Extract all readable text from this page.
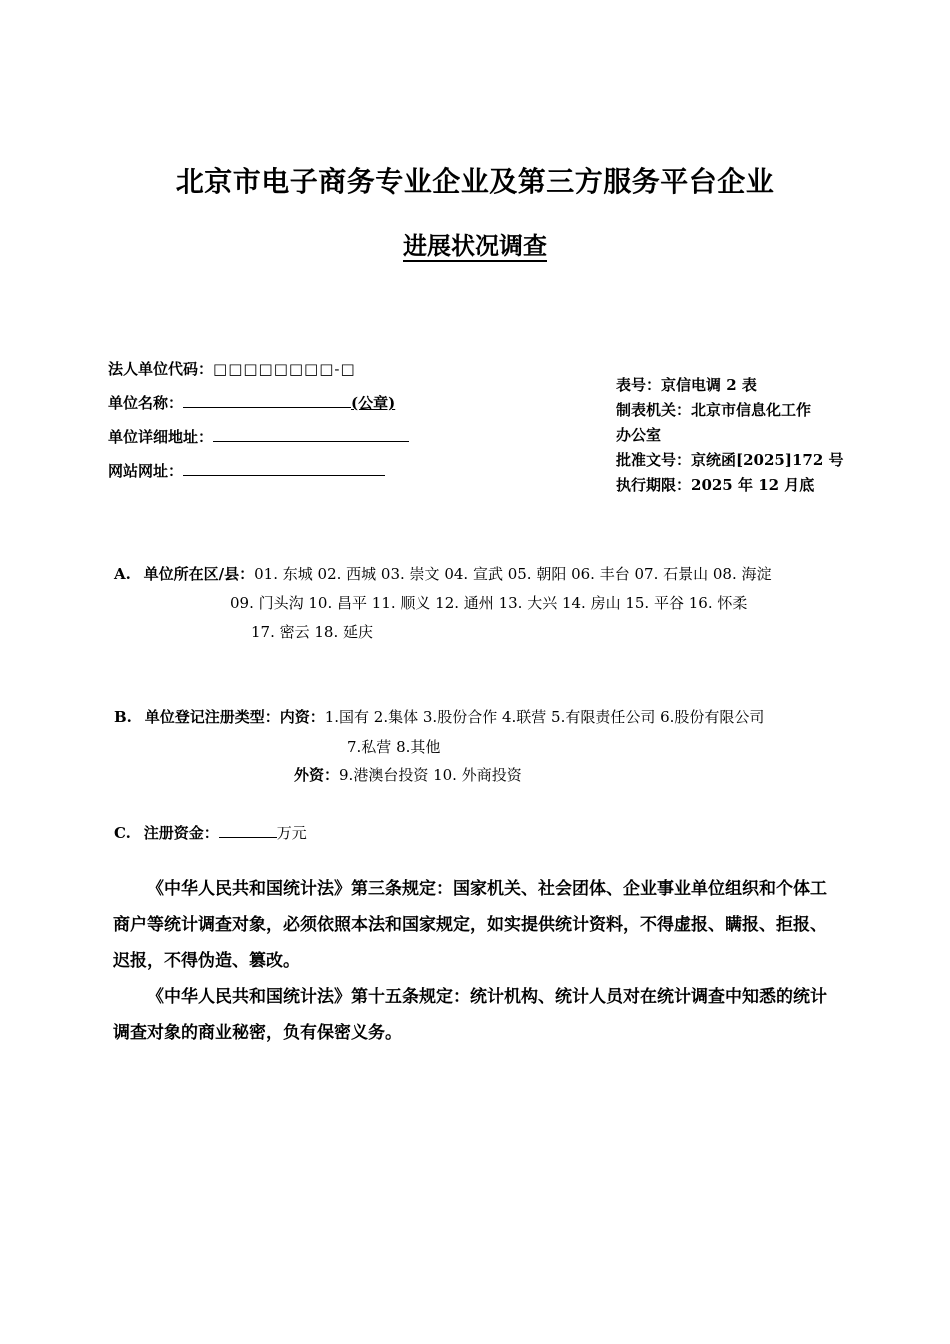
北京市电子商务专业企业及第三方服务平台企业
进展状况调查
法人单位代码：□□□□□□□□-□
单位名称：	(公章)
单位详细地址：
网站网址：
表号：京信电调 2 表
制表机关：北京市信息化工作
办公室
批准文号：京统函[2025]172 号
执行期限：2025 年 12 月底
A. 单位所在区/县：01. 东城 02. 西城 03. 崇文 04. 宣武 05. 朝阳 06. 丰台 07. 石景山 08. 海淀
09. 门头沟 10. 昌平 11. 顺义 12. 通州 13. 大兴 14. 房山 15. 平谷 16. 怀柔
17. 密云 18. 延庆
B. 单位登记注册类型：内资：1.国有 2.集体 3.股份合作 4.联营 5.有限责任公司 6.股份有限公司
7.私营 8.其他
外资：9.港澳台投资 10. 外商投资
C. 注册资金：	万元

《中华人民共和国统计法》第三条规定：国家机关、社会团体、企业事业单位组织和个体工商户等统计调查对象，必须依照本法和国家规定，如实提供统计资料，不得虚报、瞒报、拒报、迟报，不得伪造、篡改。

《中华人民共和国统计法》第十五条规定：统计机构、统计人员对在统计调查中知悉的统计调查对象的商业秘密，负有保密义务。
